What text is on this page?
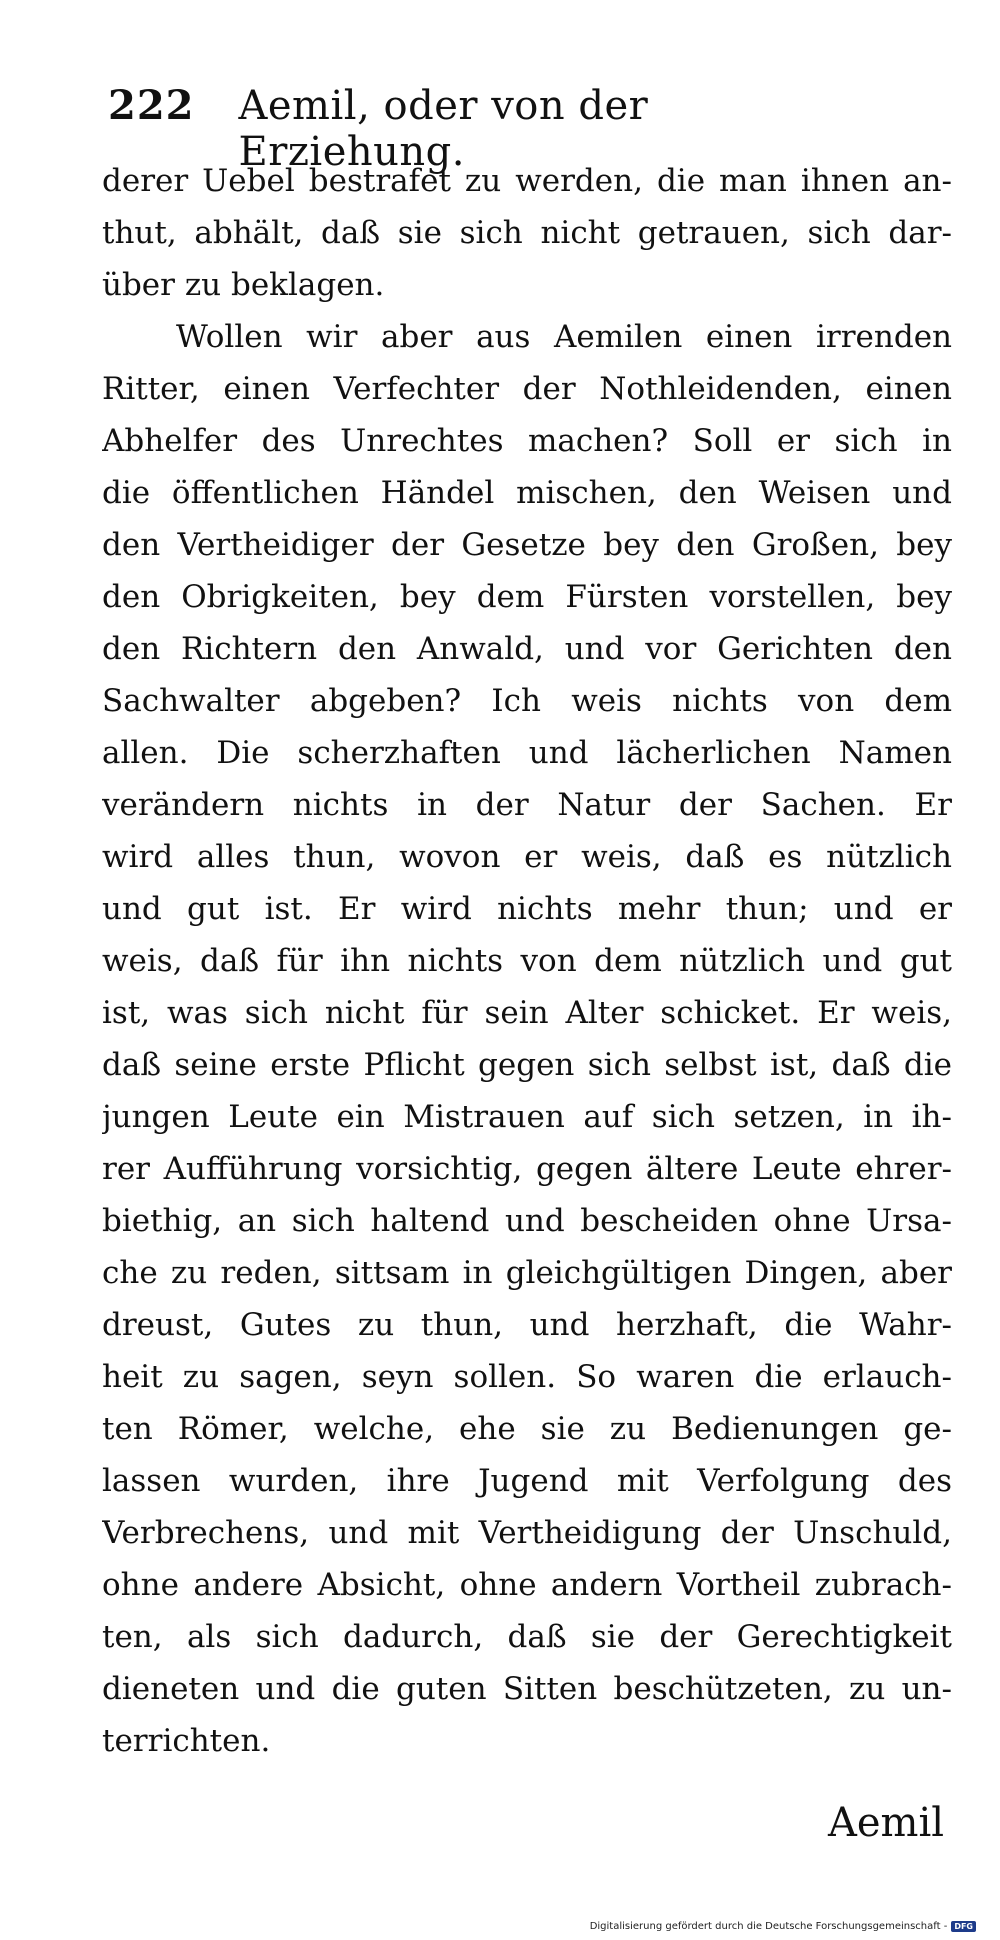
222 Aemil, oder von der Erziehung.
derer Uebel bestrafet zu werden, die man ihnen an-
thut, abhält, daß sie sich nicht getrauen, sich dar-
über zu beklagen.
Wollen wir aber aus Aemilen einen irrenden
Ritter, einen Verfechter der Nothleidenden, einen
Abhelfer des Unrechtes machen? Soll er sich in
die öffentlichen Händel mischen, den Weisen und
den Vertheidiger der Gesetze bey den Großen, bey
den Obrigkeiten, bey dem Fürsten vorstellen, bey
den Richtern den Anwald, und vor Gerichten den
Sachwalter abgeben? Ich weis nichts von dem
allen. Die scherzhaften und lächerlichen Namen
verändern nichts in der Natur der Sachen. Er
wird alles thun, wovon er weis, daß es nützlich
und gut ist. Er wird nichts mehr thun; und er
weis, daß für ihn nichts von dem nützlich und gut
ist, was sich nicht für sein Alter schicket. Er weis,
daß seine erste Pflicht gegen sich selbst ist, daß die
jungen Leute ein Mistrauen auf sich setzen, in ih-
rer Aufführung vorsichtig, gegen ältere Leute ehrer-
biethig, an sich haltend und bescheiden ohne Ursa-
che zu reden, sittsam in gleichgültigen Dingen, aber
dreust, Gutes zu thun, und herzhaft, die Wahr-
heit zu sagen, seyn sollen. So waren die erlauch-
ten Römer, welche, ehe sie zu Bedienungen ge-
lassen wurden, ihre Jugend mit Verfolgung des
Verbrechens, und mit Vertheidigung der Unschuld,
ohne andere Absicht, ohne andern Vortheil zubrach-
ten, als sich dadurch, daß sie der Gerechtigkeit
dieneten und die guten Sitten beschützeten, zu un-
terrichten.
Aemil
Digitalisierung gefördert durch die Deutsche Forschungsgemeinschaft - DFG
